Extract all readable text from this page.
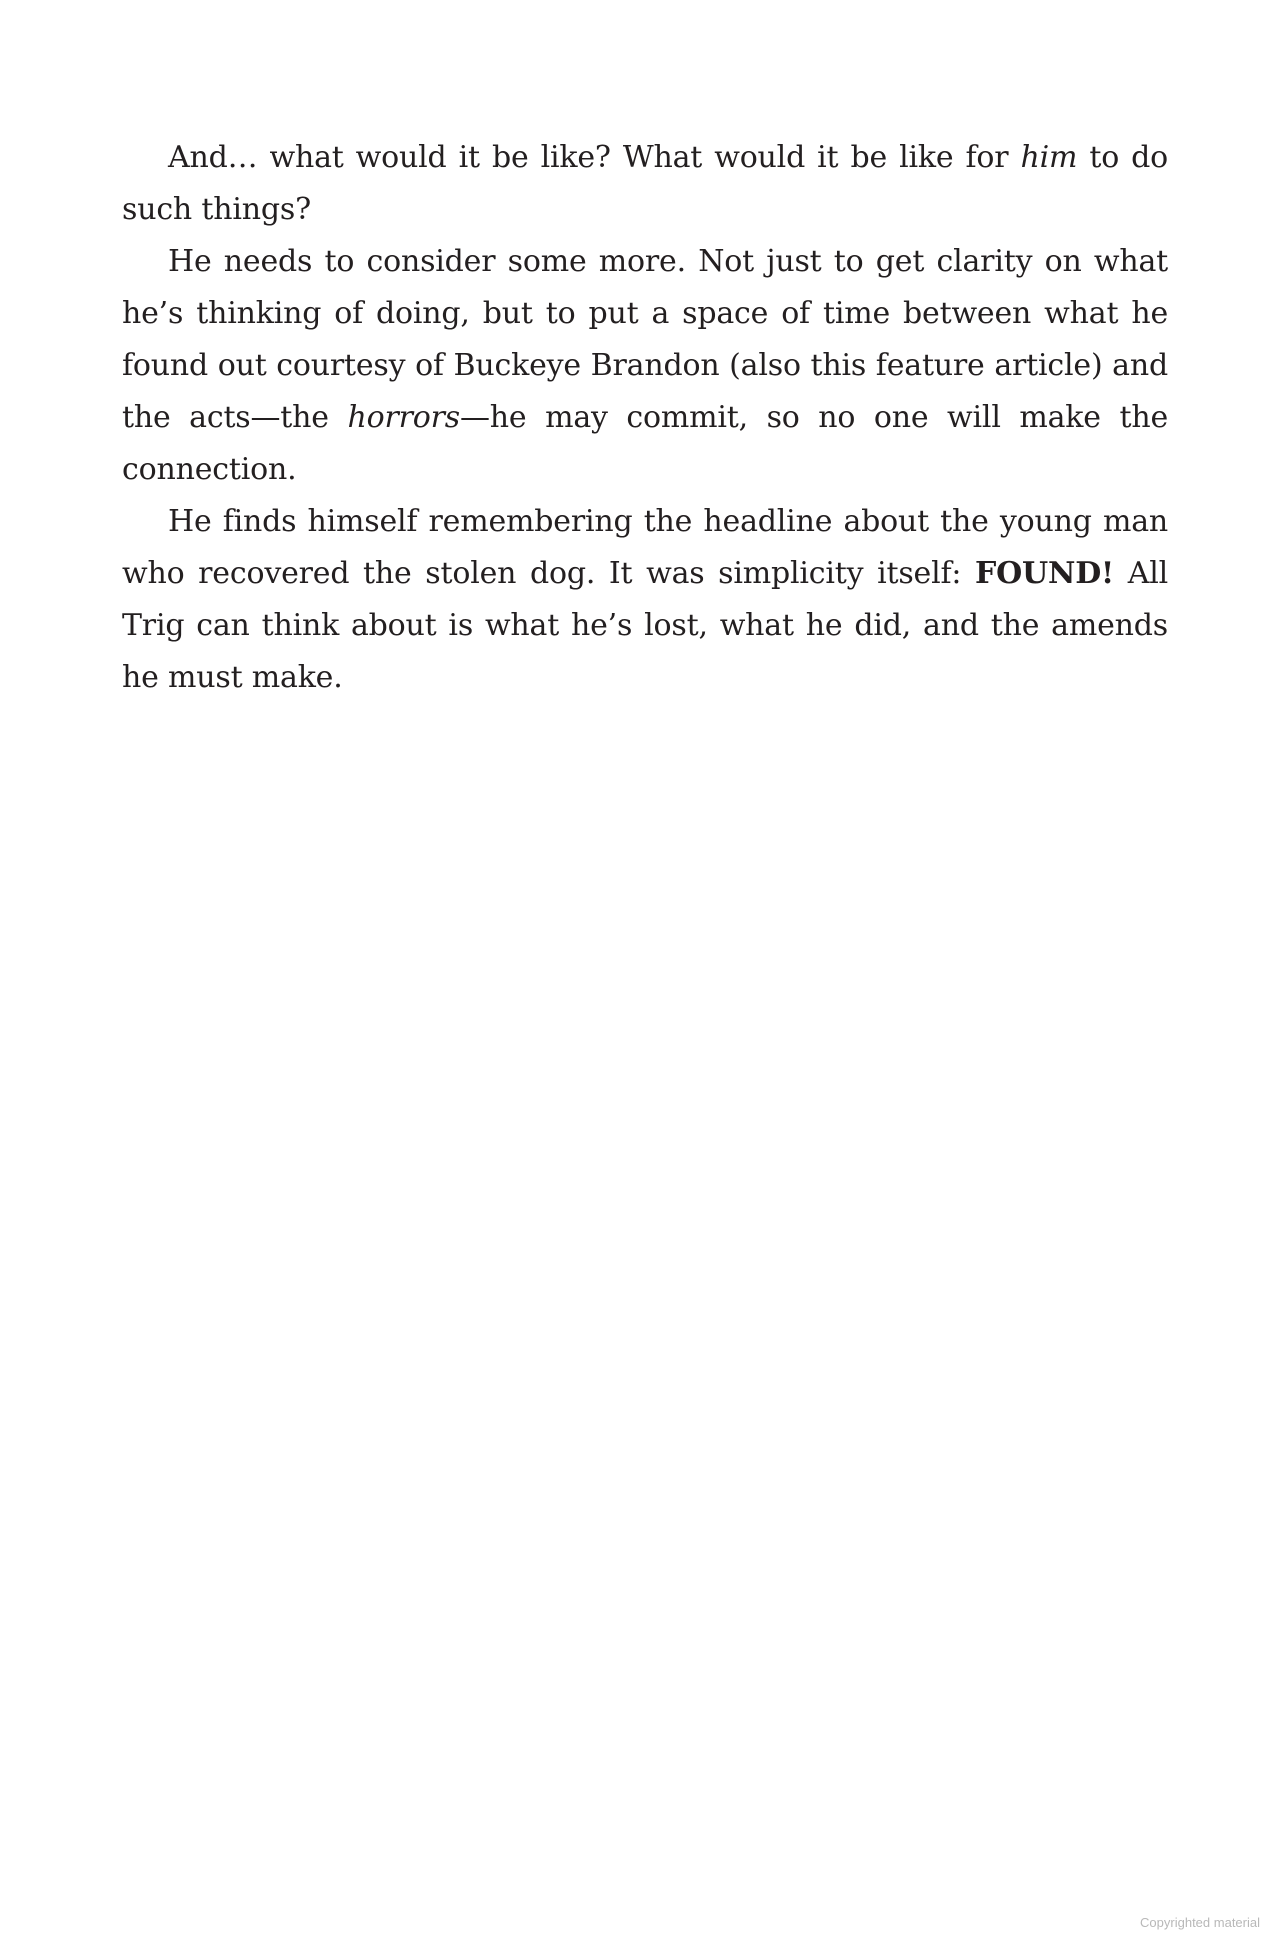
And… what would it be like? What would it be like for him to do such things?

He needs to consider some more. Not just to get clarity on what he’s thinking of doing, but to put a space of time between what he found out courtesy of Buckeye Brandon (also this feature article) and the acts—the horrors—he may commit, so no one will make the connection.

He finds himself remembering the headline about the young man who recovered the stolen dog. It was simplicity itself: FOUND! All Trig can think about is what he’s lost, what he did, and the amends he must make.

Copyrighted material
